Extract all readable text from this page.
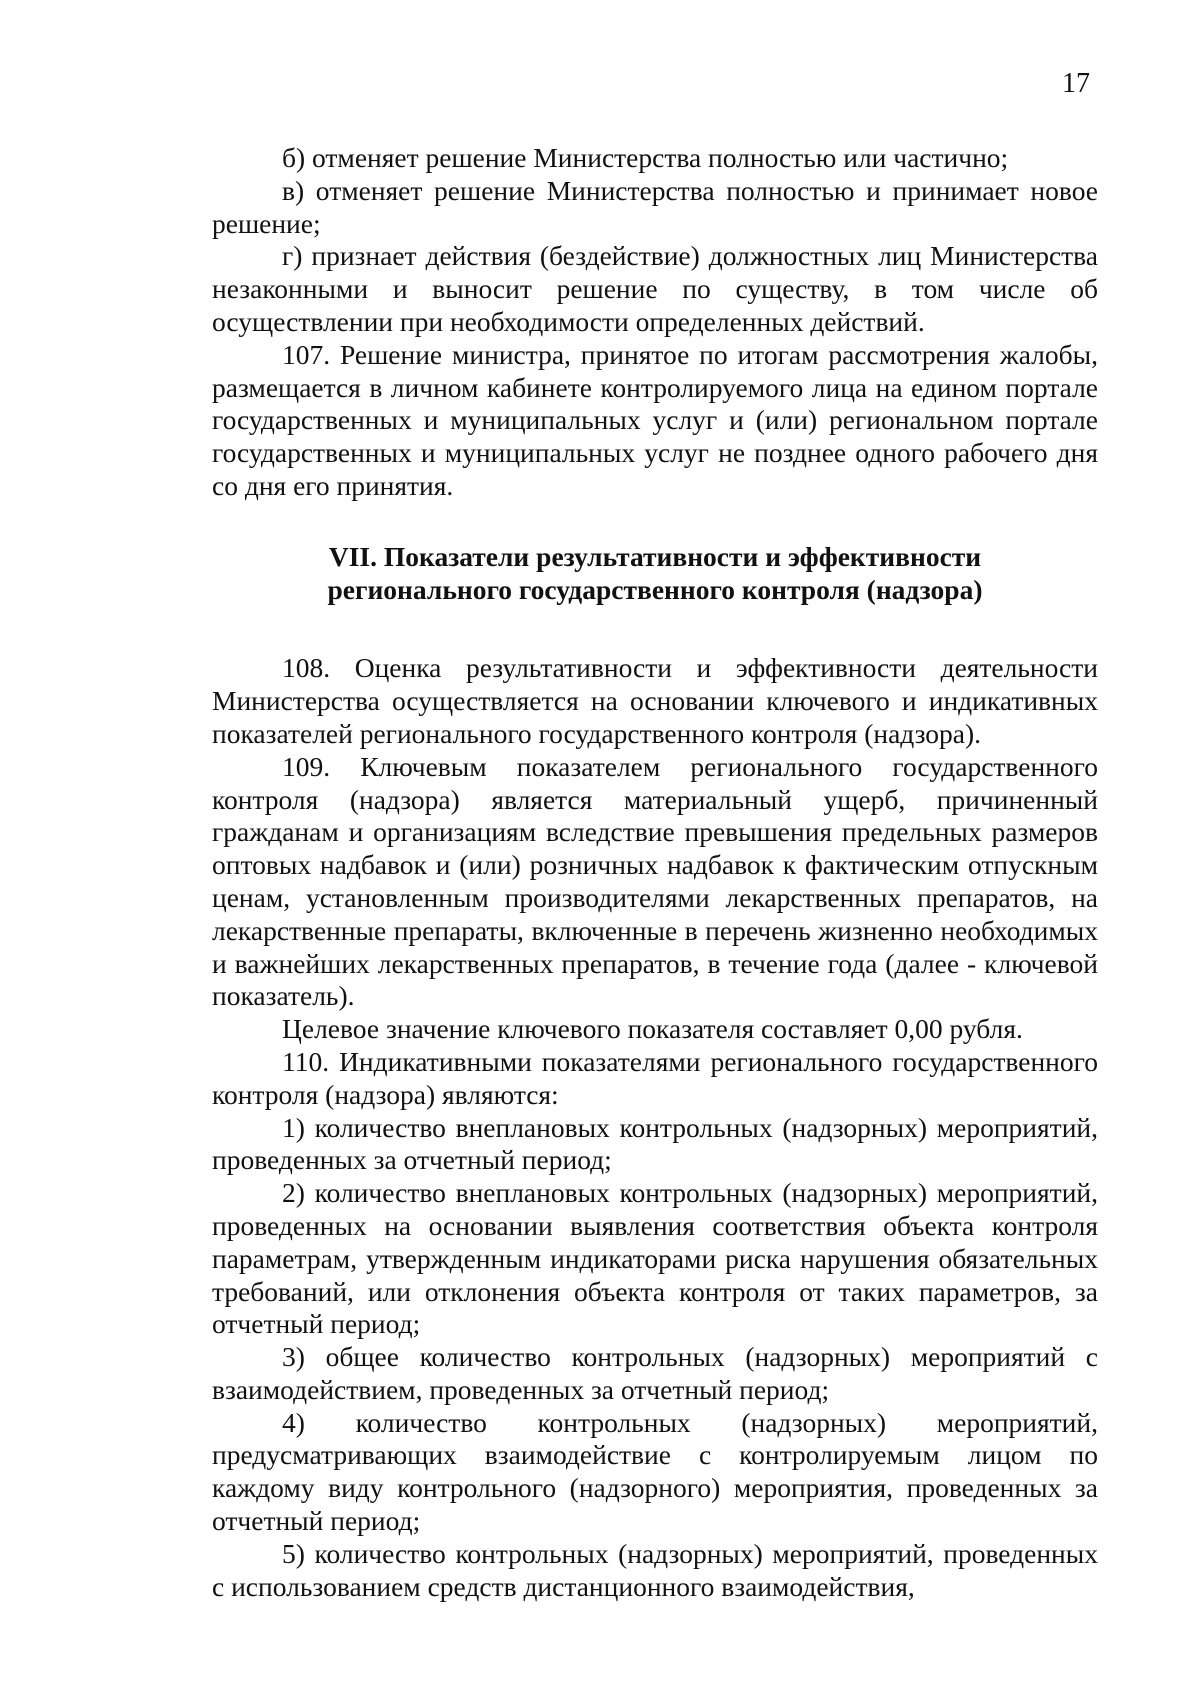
17

б) отменяет решение Министерства полностью или частично;

в) отменяет решение Министерства полностью и принимает новое решение;

г) признает действия (бездействие) должностных лиц Министерства незаконными и выносит решение по существу, в том числе об осуществлении при необходимости определенных действий.

107. Решение министра, принятое по итогам рассмотрения жалобы, размещается в личном кабинете контролируемого лица на едином портале государственных и муниципальных услуг и (или) региональном портале государственных и муниципальных услуг не позднее одного рабочего дня со дня его принятия.

VII. Показатели результативности и эффективности
регионального государственного контроля (надзора)

108. Оценка результативности и эффективности деятельности Министерства осуществляется на основании ключевого и индикативных показателей регионального государственного контроля (надзора).

109. Ключевым показателем регионального государственного контроля (надзора) является материальный ущерб, причиненный гражданам и организациям вследствие превышения предельных размеров оптовых надбавок и (или) розничных надбавок к фактическим отпускным ценам, установленным производителями лекарственных препаратов, на лекарственные препараты, включенные в перечень жизненно необходимых и важнейших лекарственных препаратов, в течение года (далее - ключевой показатель).

Целевое значение ключевого показателя составляет 0,00 рубля.

110. Индикативными показателями регионального государственного контроля (надзора) являются:

1) количество внеплановых контрольных (надзорных) мероприятий, проведенных за отчетный период;

2) количество внеплановых контрольных (надзорных) мероприятий, проведенных на основании выявления соответствия объекта контроля параметрам, утвержденным индикаторами риска нарушения обязательных требований, или отклонения объекта контроля от таких параметров, за отчетный период;

3) общее количество контрольных (надзорных) мероприятий с взаимодействием, проведенных за отчетный период;

4) количество контрольных (надзорных) мероприятий, предусматривающих взаимодействие с контролируемым лицом по каждому виду контрольного (надзорного) мероприятия, проведенных за отчетный период;

5) количество контрольных (надзорных) мероприятий, проведенных с использованием средств дистанционного взаимодействия,
